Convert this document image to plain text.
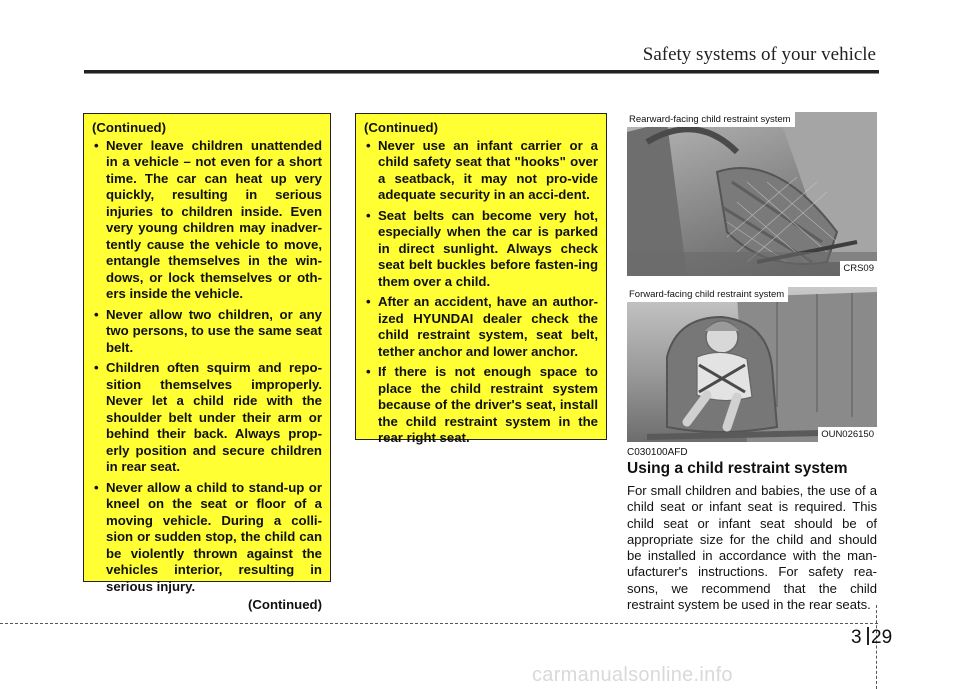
Safety systems of your vehicle
(Continued)
• Never leave children unattended in a vehicle – not even for a short time. The car can heat up very quickly, resulting in serious injuries to children inside. Even very young children may inadver-tently cause the vehicle to move, entangle themselves in the win-dows, or lock themselves or oth-ers inside the vehicle.
• Never allow two children, or any two persons, to use the same seat belt.
• Children often squirm and repo-sition themselves improperly. Never let a child ride with the shoulder belt under their arm or behind their back. Always prop-erly position and secure children in rear seat.
• Never allow a child to stand-up or kneel on the seat or floor of a moving vehicle. During a colli-sion or sudden stop, the child can be violently thrown against the vehicles interior, resulting in serious injury.
(Continued)
(Continued)
• Never use an infant carrier or a child safety seat that "hooks" over a seatback, it may not pro-vide adequate security in an acci-dent.
• Seat belts can become very hot, especially when the car is parked in direct sunlight. Always check seat belt buckles before fasten-ing them over a child.
• After an accident, have an author-ized HYUNDAI dealer check the child restraint system, seat belt, tether anchor and lower anchor.
• If there is not enough space to place the child restraint system because of the driver's seat, install the child restraint system in the rear right seat.
Rearward-facing child restraint system
CRS09
Forward-facing child restraint system
OUN026150
C030100AFD
Using a child restraint system

For small children and babies, the use of a child seat or infant seat is required. This child seat or infant seat should be of appropriate size for the child and should be installed in accordance with the man-ufacturer's instructions. For safety rea-sons, we recommend that the child restraint system be used in the rear seats.

3 29
carmanualsonline.info
